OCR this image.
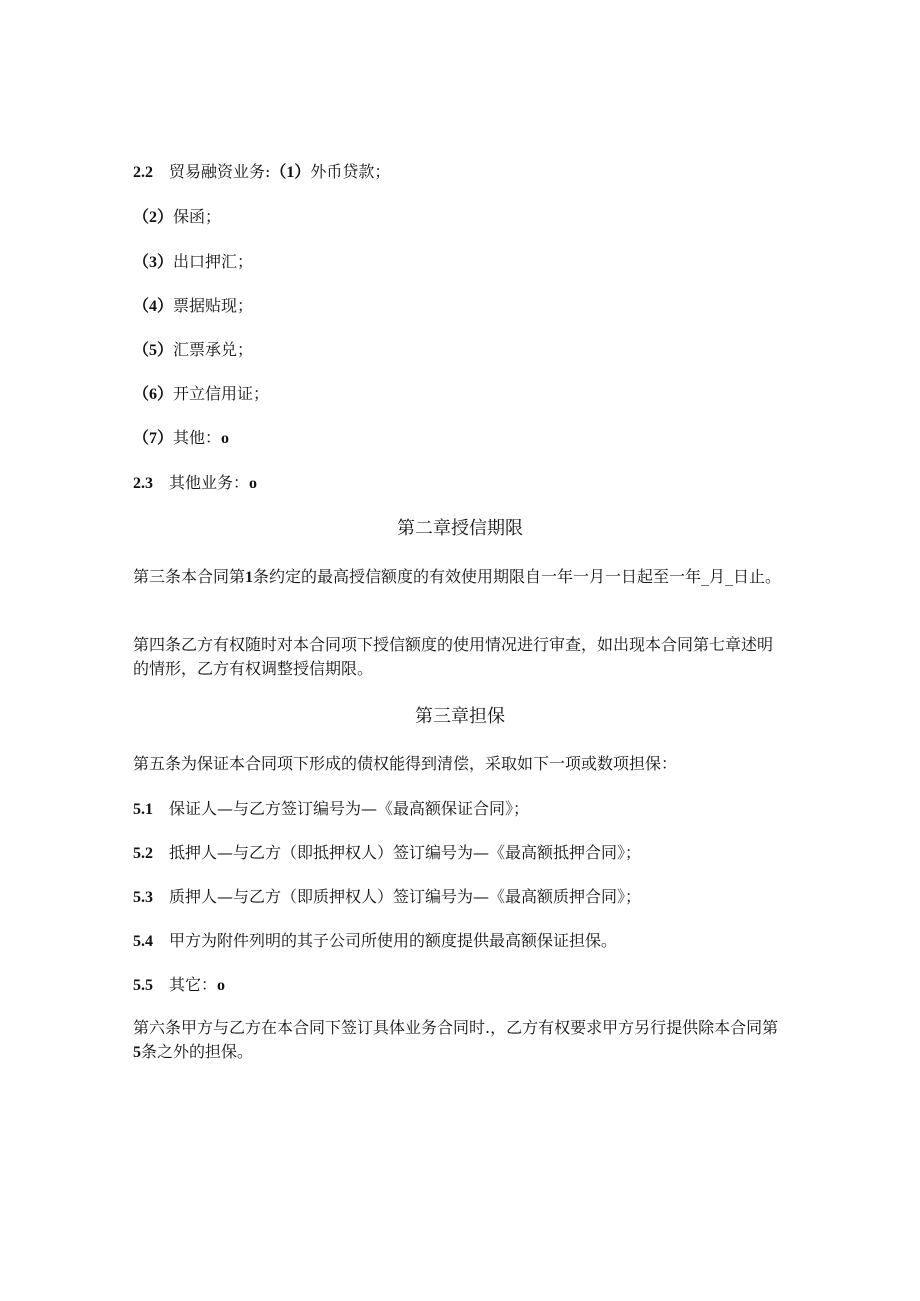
2.2 贸易融资业务:（1）外币贷款；
（2）保函；
（3）出口押汇；
（4）票据贴现；
（5）汇票承兑；
（6）开立信用证；
（7）其他：o
2.3 其他业务：o
第二章授信期限
第三条本合同第1条约定的最高授信额度的有效使用期限自一年一月一日起至一年_月_日止。
第四条乙方有权随时对本合同项下授信额度的使用情况进行审查，如出现本合同第七章述明的情形，乙方有权调整授信期限。
第三章担保
第五条为保证本合同项下形成的债权能得到清偿，采取如下一项或数项担保：
5.1 保证人—与乙方签订编号为—《最高额保证合同》；
5.2 抵押人—与乙方（即抵押权人）签订编号为—《最高额抵押合同》；
5.3 质押人—与乙方（即质押权人）签订编号为—《最高额质押合同》；
5.4 甲方为附件列明的其子公司所使用的额度提供最高额保证担保。
5.5 其它：o
第六条甲方与乙方在本合同下签订具体业务合同时.，乙方有权要求甲方另行提供除本合同第5条之外的担保。
